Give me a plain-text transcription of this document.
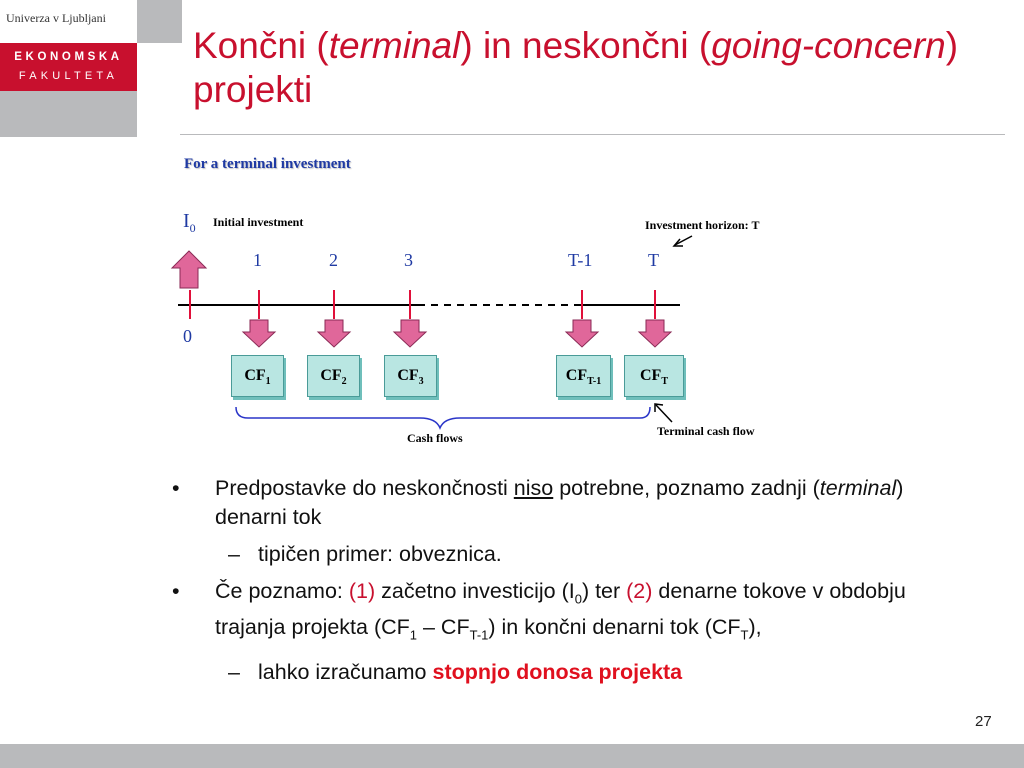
Univerza v Ljubljani
EKONOMSKA
FAKULTETA
Končni (terminal) in neskončni (going-concern) projekti
For a terminal investment
$I_0$ Initial investment	Investment horizon: T
1	2	3	T-1	T
0
$CF_1$	$CF_2$	$CF_3$	$CF_{T-1}$	$CF_T$
Cash flows	Terminal cash flow
• Predpostavke do neskončnosti niso potrebne, poznamo zadnji (terminal) denarni tok
– tipičen primer: obveznica.
• Če poznamo: (1) začetno investicijo $(I_0)$ ter (2) denarne tokove v obdobju trajanja projekta $(CF_1 - CF_{T-1})$ in končni denarni tok $(CF_T)$,
– lahko izračunamo stopnjo donosa projekta
27
